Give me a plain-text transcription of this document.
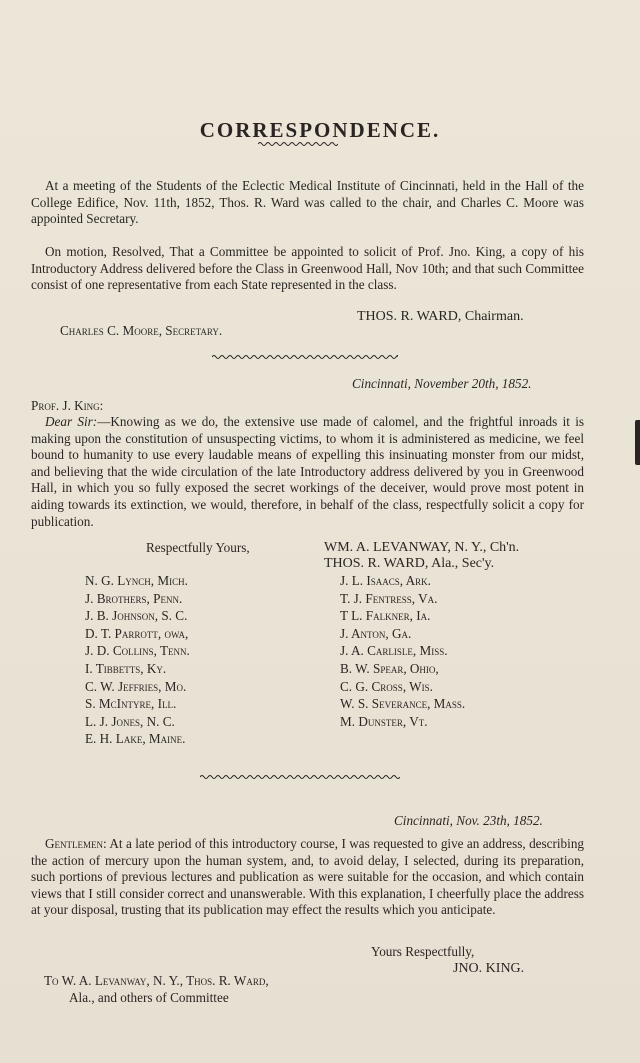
CORRESPONDENCE.
At a meeting of the Students of the Eclectic Medical Institute of Cincinnati, held in the Hall of the College Edifice, Nov. 11th, 1852, Thos. R. Ward was called to the chair, and Charles C. Moore was appointed Secretary.
On motion, Resolved, That a Committee be appointed to solicit of Prof. Jno. King, a copy of his Introductory Address delivered before the Class in Greenwood Hall, Nov 10th; and that such Committee consist of one representative from each State represented in the class.
THOS. R. WARD, Chairman.
Charles C. Moore, Secretary.
Cincinnati, November 20th, 1852.
Prof. J. King:
Dear Sir:—Knowing as we do, the extensive use made of calomel, and the frightful inroads it is making upon the constitution of unsuspecting victims, to whom it is administered as medicine, we feel bound to humanity to use every laudable means of expelling this insinuating monster from our midst, and believing that the wide circulation of the late Introductory address delivered by you in Greenwood Hall, in which you so fully exposed the secret workings of the deceiver, would prove most potent in aiding towards its extinction, we would, therefore, in behalf of the class, respectfully solicit a copy for publication.
Respectfully Yours,	WM. A. LEVANWAY, N. Y., Ch'n.
THOS. R. WARD, Ala., Sec'y.
N. G. Lynch, Mich.
J. Brothers, Penn.
J. B. Johnson, S. C.
D. T. Parrott, owa,
J. D. Collins, Tenn.
I. Tibbetts, Ky.
C. W. Jeffries, Mo.
S. McIntyre, Ill.
L. J. Jones, N. C.
E. H. Lake, Maine.
J. L. Isaacs, Ark.
T. J. Fentress, Va.
T L. Falkner, Ia.
J. Anton, Ga.
J. A. Carlisle, Miss.
B. W. Spear, Ohio,
C. G. Cross, Wis.
W. S. Severance, Mass.
M. Dunster, Vt.
Cincinnati, Nov. 23th, 1852.
Gentlemen: At a late period of this introductory course, I was requested to give an address, describing the action of mercury upon the human system, and, to avoid delay, I selected, during its preparation, such portions of previous lectures and publication as were suitable for the occasion, and which contain views that I still consider correct and unanswerable. With this explanation, I cheerfully place the address at your disposal, trusting that its publication may effect the results which you anticipate.
Yours Respectfully,
JNO. KING.
To W. A. Levanway, N. Y., Thos. R. Ward,
Ala., and others of Committee
